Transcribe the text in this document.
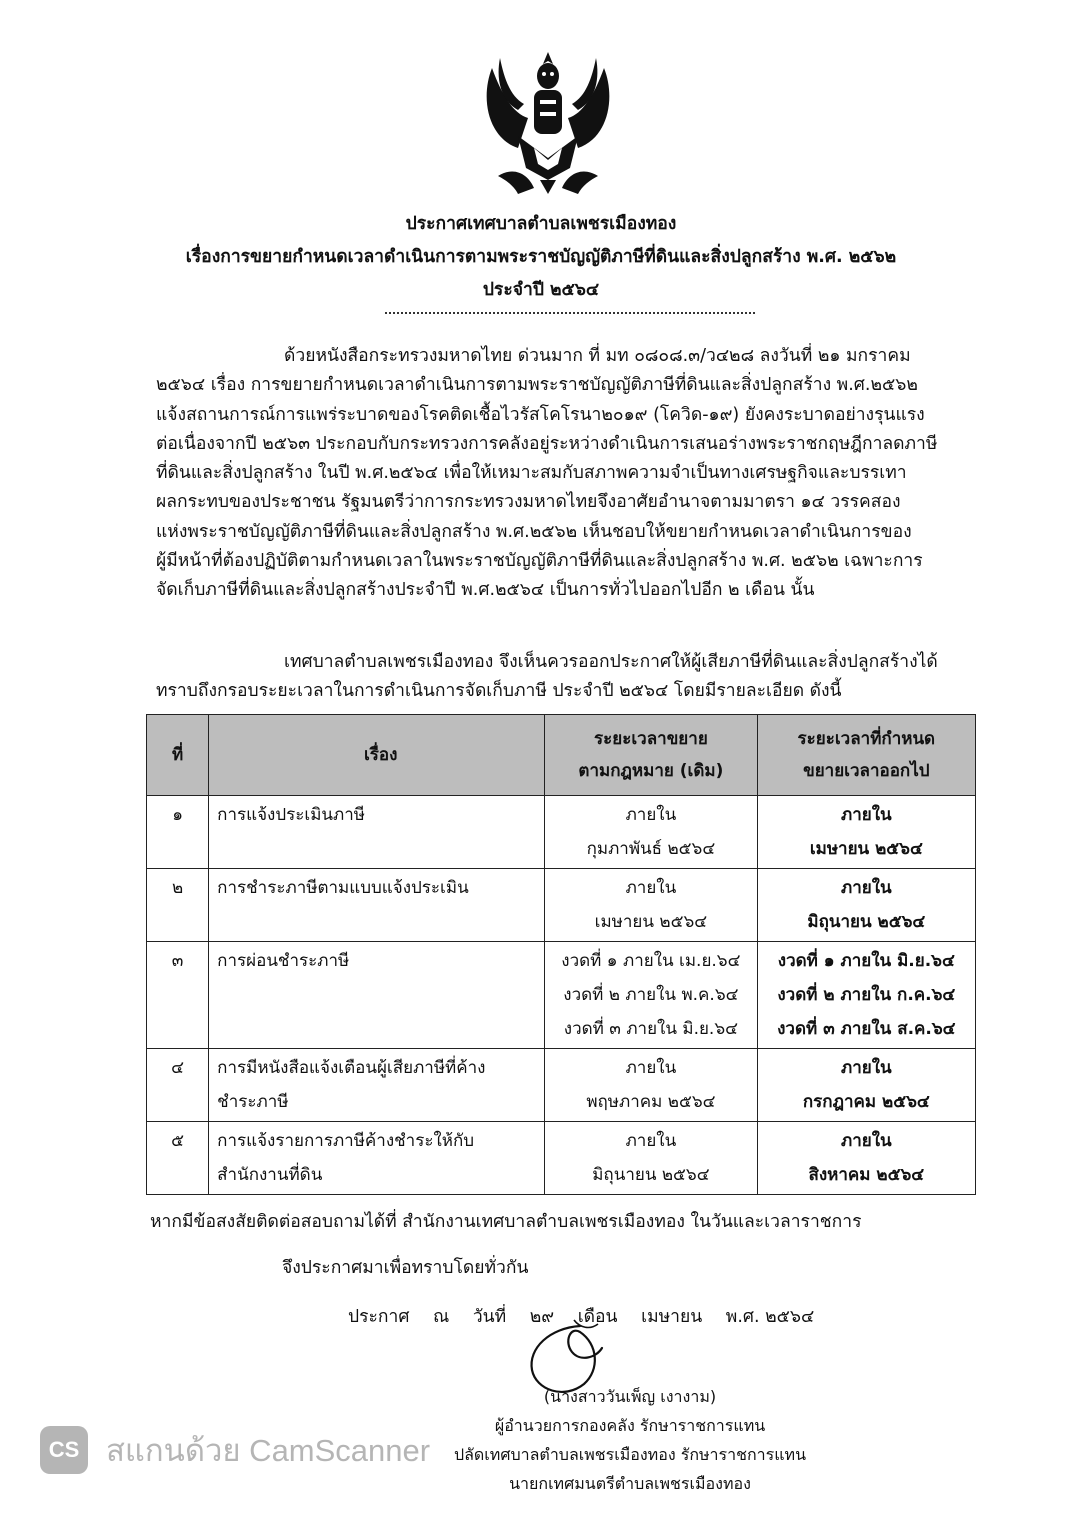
ประกาศเทศบาลตำบลเพชรเมืองทอง
เรื่องการขยายกำหนดเวลาดำเนินการตามพระราชบัญญัติภาษีที่ดินและสิ่งปลูกสร้าง พ.ศ. ๒๕๖๒
ประจำปี ๒๕๖๔
ด้วยหนังสือกระทรวงมหาดไทย ด่วนมาก ที่ มท ๐๘๐๘.๓/ว๔๒๘ ลงวันที่ ๒๑ มกราคม
๒๕๖๔ เรื่อง การขยายกำหนดเวลาดำเนินการตามพระราชบัญญัติภาษีที่ดินและสิ่งปลูกสร้าง พ.ศ.๒๕๖๒
แจ้งสถานการณ์การแพร่ระบาดของโรคติดเชื้อไวรัสโคโรนา๒๐๑๙ (โควิด-๑๙) ยังคงระบาดอย่างรุนแรง
ต่อเนื่องจากปี ๒๕๖๓ ประกอบกับกระทรวงการคลังอยู่ระหว่างดำเนินการเสนอร่างพระราชกฤษฎีกาลดภาษี
ที่ดินและสิ่งปลูกสร้าง ในปี พ.ศ.๒๕๖๔ เพื่อให้เหมาะสมกับสภาพความจำเป็นทางเศรษฐกิจและบรรเทา
ผลกระทบของประชาชน รัฐมนตรีว่าการกระทรวงมหาดไทยจึงอาศัยอำนาจตามมาตรา ๑๔ วรรคสอง
แห่งพระราชบัญญัติภาษีที่ดินและสิ่งปลูกสร้าง พ.ศ.๒๕๖๒ เห็นชอบให้ขยายกำหนดเวลาดำเนินการของ
ผู้มีหน้าที่ต้องปฏิบัติตามกำหนดเวลาในพระราชบัญญัติภาษีที่ดินและสิ่งปลูกสร้าง พ.ศ. ๒๕๖๒ เฉพาะการ
จัดเก็บภาษีที่ดินและสิ่งปลูกสร้างประจำปี พ.ศ.๒๕๖๔ เป็นการทั่วไปออกไปอีก ๒ เดือน นั้น
เทศบาลตำบลเพชรเมืองทอง จึงเห็นควรออกประกาศให้ผู้เสียภาษีที่ดินและสิ่งปลูกสร้างได้
ทราบถึงกรอบระยะเวลาในการดำเนินการจัดเก็บภาษี ประจำปี ๒๕๖๔ โดยมีรายละเอียด ดังนี้
ที่	เรื่อง	ระยะเวลาขยาย
ตามกฎหมาย (เดิม)	ระยะเวลาที่กำหนด
ขยายเวลาออกไป

๑	การแจ้งประเมินภาษี	ภายใน
กุมภาพันธ์ ๒๕๖๔	ภายใน
เมษายน ๒๕๖๔

๒	การชำระภาษีตามแบบแจ้งประเมิน	ภายใน
เมษายน ๒๕๖๔	ภายใน
มิถุนายน ๒๕๖๔

๓	การผ่อนชำระภาษี	งวดที่ ๑ ภายใน เม.ย.๖๔
งวดที่ ๒ ภายใน พ.ค.๖๔
งวดที่ ๓ ภายใน มิ.ย.๖๔	งวดที่ ๑ ภายใน มิ.ย.๖๔
งวดที่ ๒ ภายใน ก.ค.๖๔
งวดที่ ๓ ภายใน ส.ค.๖๔

๔	การมีหนังสือแจ้งเตือนผู้เสียภาษีที่ค้าง
ชำระภาษี	ภายใน
พฤษภาคม ๒๕๖๔	ภายใน
กรกฎาคม ๒๕๖๔

๕	การแจ้งรายการภาษีค้างชำระให้กับ
สำนักงานที่ดิน	ภายใน
มิถุนายน ๒๕๖๔	ภายใน
สิงหาคม ๒๕๖๔
หากมีข้อสงสัยติดต่อสอบถามได้ที่ สำนักงานเทศบาลตำบลเพชรเมืองทอง ในวันและเวลาราชการ
จึงประกาศมาเพื่อทราบโดยทั่วกัน
ประกาศ ณ วันที่ ๒๙ เดือน เมษายน พ.ศ. ๒๕๖๔
(นางสาววันเพ็ญ เงางาม)
ผู้อำนวยการกองคลัง รักษาราชการแทน
ปลัดเทศบาลตำบลเพชรเมืองทอง รักษาราชการแทน
นายกเทศมนตรีตำบลเพชรเมืองทอง
CS สแกนด้วย CamScanner
